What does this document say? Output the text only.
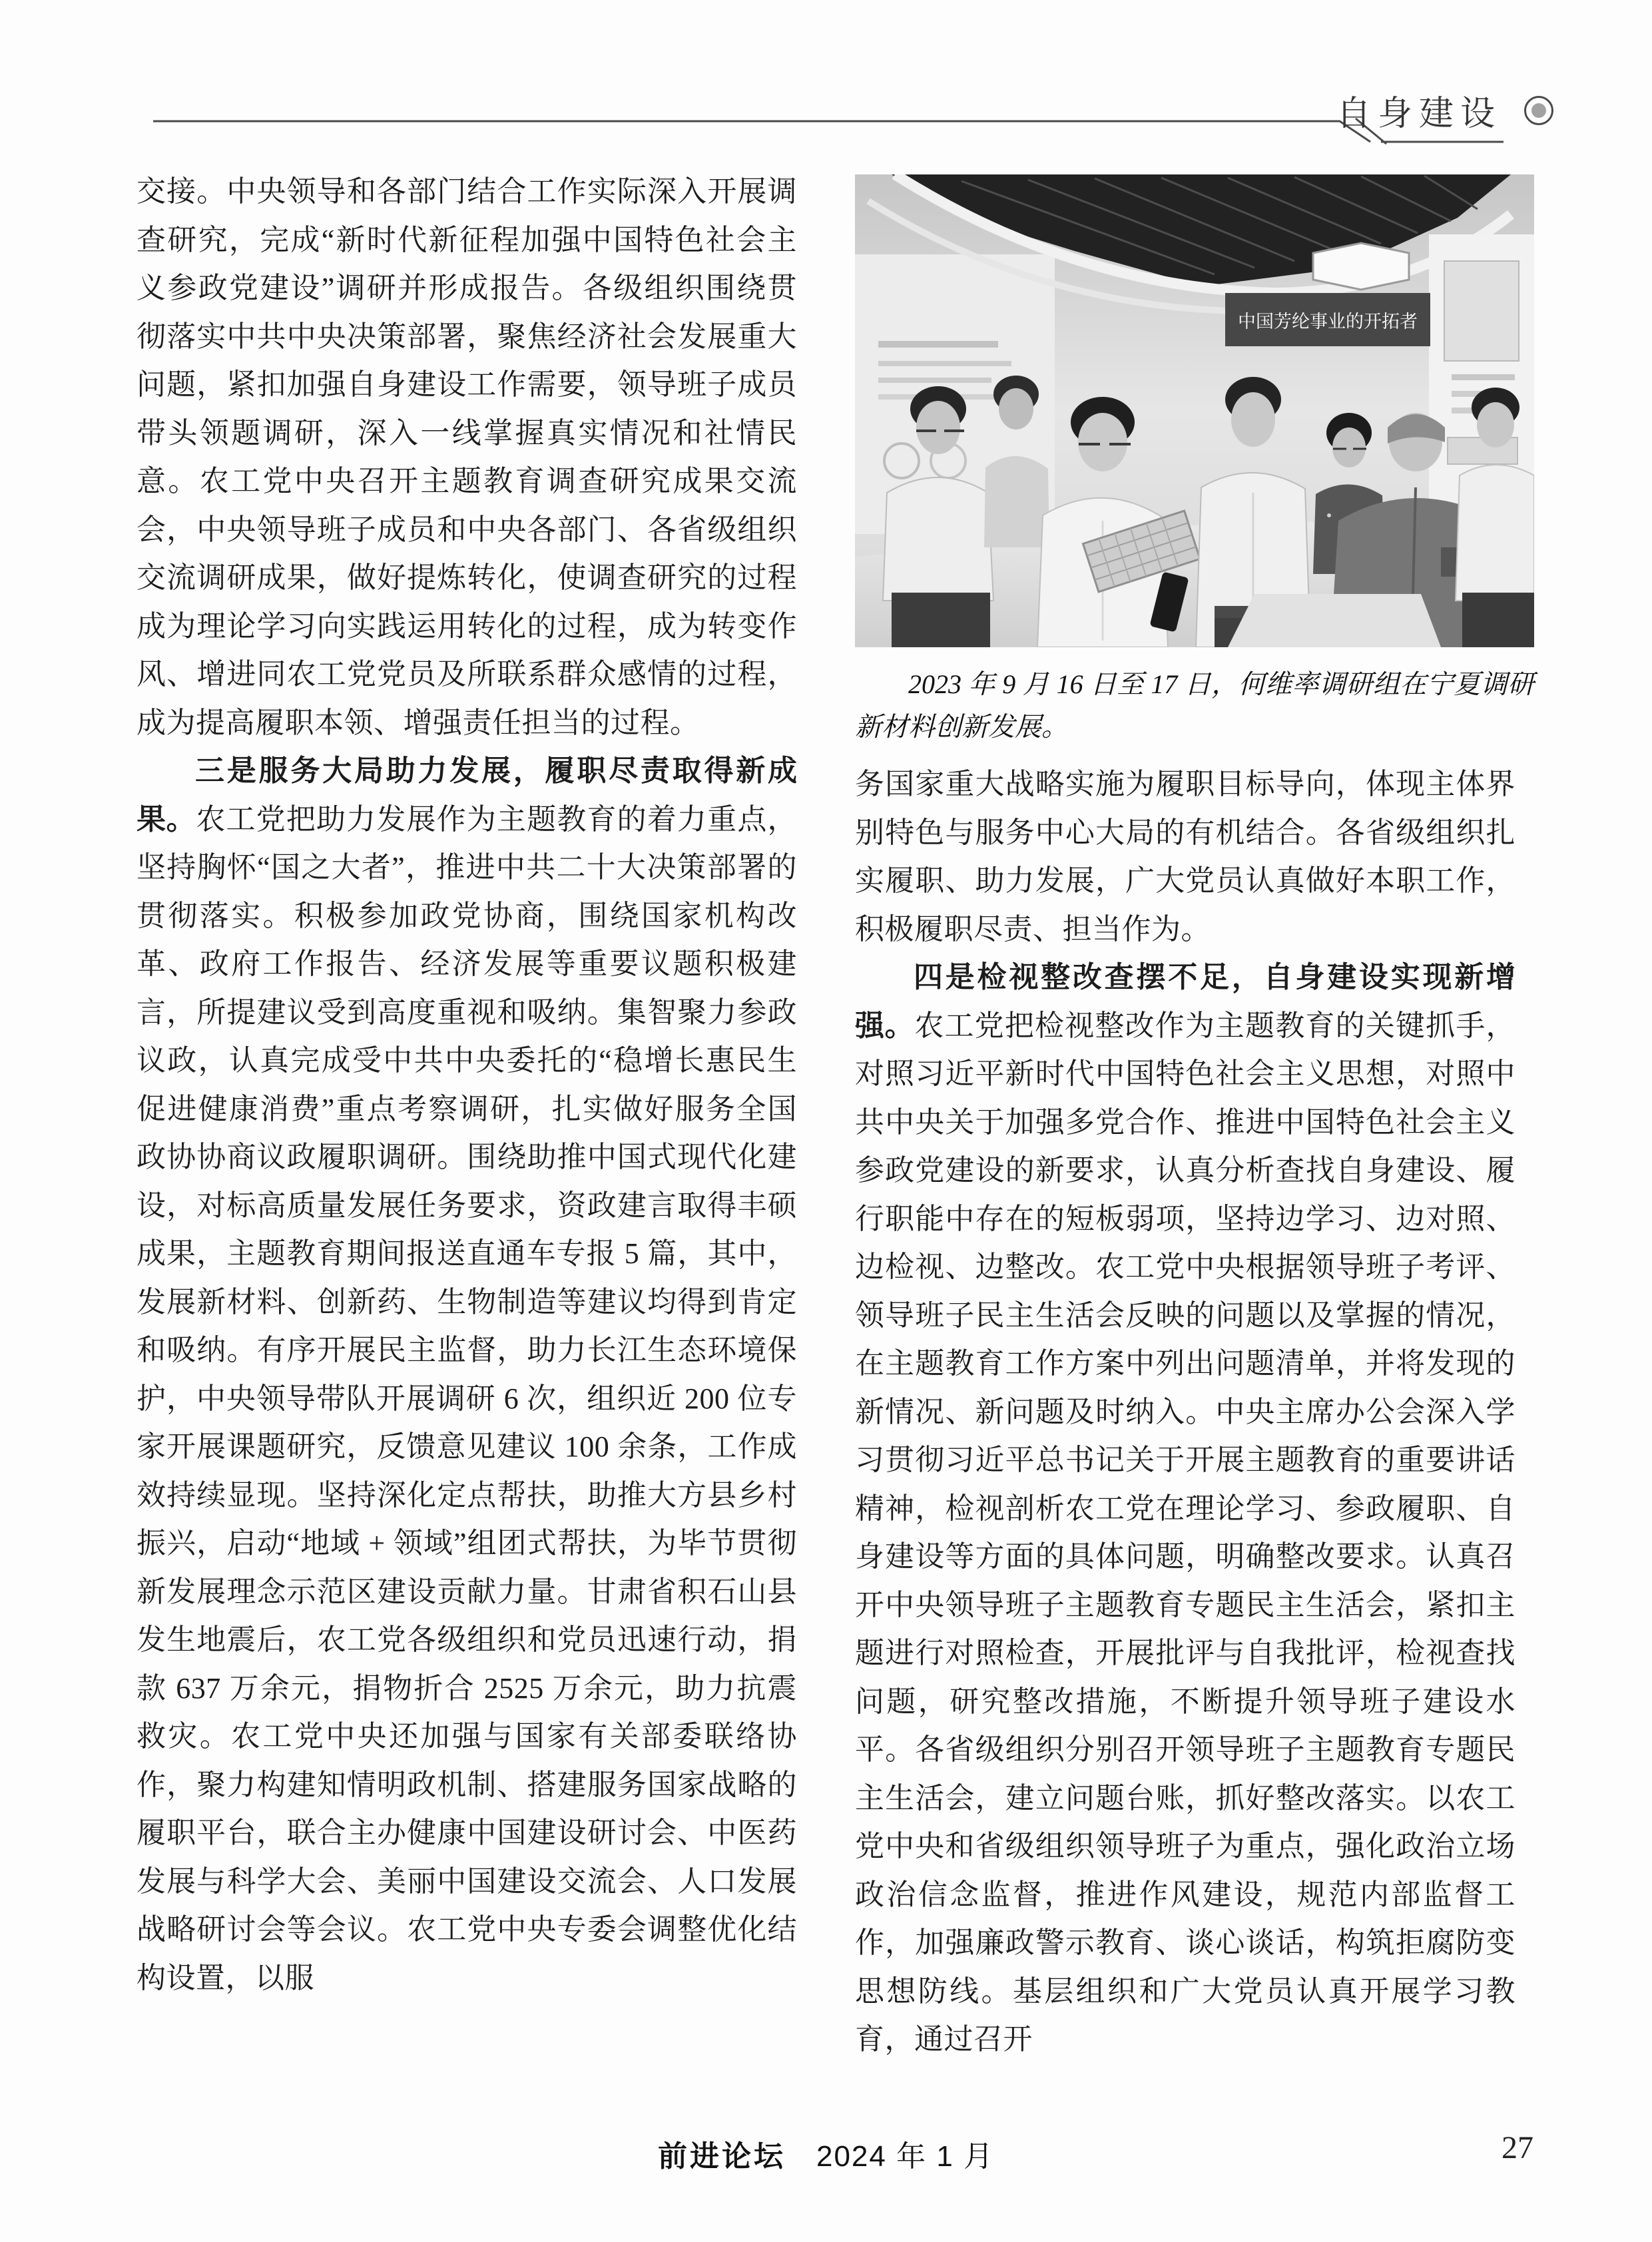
自身建设
中国芳纶事业的开拓者
2023 年 9 月 16 日至 17 日，何维率调研组在宁夏调研新材料创新发展。

交接。中央领导和各部门结合工作实际深入开展调查研究，完成“新时代新征程加强中国特色社会主义参政党建设”调研并形成报告。各级组织围绕贯彻落实中共中央决策部署，聚焦经济社会发展重大问题，紧扣加强自身建设工作需要，领导班子成员带头领题调研，深入一线掌握真实情况和社情民意。农工党中央召开主题教育调查研究成果交流会，中央领导班子成员和中央各部门、各省级组织交流调研成果，做好提炼转化，使调查研究的过程成为理论学习向实践运用转化的过程，成为转变作风、增进同农工党党员及所联系群众感情的过程，成为提高履职本领、增强责任担当的过程。

三是服务大局助力发展，履职尽责取得新成果。农工党把助力发展作为主题教育的着力重点，坚持胸怀“国之大者”，推进中共二十大决策部署的贯彻落实。积极参加政党协商，围绕国家机构改革、政府工作报告、经济发展等重要议题积极建言，所提建议受到高度重视和吸纳。集智聚力参政议政，认真完成受中共中央委托的“稳增长惠民生促进健康消费”重点考察调研，扎实做好服务全国政协协商议政履职调研。围绕助推中国式现代化建设，对标高质量发展任务要求，资政建言取得丰硕成果，主题教育期间报送直通车专报 5 篇，其中，发展新材料、创新药、生物制造等建议均得到肯定和吸纳。有序开展民主监督，助力长江生态环境保护，中央领导带队开展调研 6 次，组织近 200 位专家开展课题研究，反馈意见建议 100 余条，工作成效持续显现。坚持深化定点帮扶，助推大方县乡村振兴，启动“地域 + 领域”组团式帮扶，为毕节贯彻新发展理念示范区建设贡献力量。甘肃省积石山县发生地震后，农工党各级组织和党员迅速行动，捐款 637 万余元，捐物折合 2525 万余元，助力抗震救灾。农工党中央还加强与国家有关部委联络协作，聚力构建知情明政机制、搭建服务国家战略的履职平台，联合主办健康中国建设研讨会、中医药发展与科学大会、美丽中国建设交流会、人口发展战略研讨会等会议。农工党中央专委会调整优化结构设置，以服

务国家重大战略实施为履职目标导向，体现主体界别特色与服务中心大局的有机结合。各省级组织扎实履职、助力发展，广大党员认真做好本职工作，积极履职尽责、担当作为。

四是检视整改查摆不足，自身建设实现新增强。农工党把检视整改作为主题教育的关键抓手，对照习近平新时代中国特色社会主义思想，对照中共中央关于加强多党合作、推进中国特色社会主义参政党建设的新要求，认真分析查找自身建设、履行职能中存在的短板弱项，坚持边学习、边对照、边检视、边整改。农工党中央根据领导班子考评、领导班子民主生活会反映的问题以及掌握的情况，在主题教育工作方案中列出问题清单，并将发现的新情况、新问题及时纳入。中央主席办公会深入学习贯彻习近平总书记关于开展主题教育的重要讲话精神，检视剖析农工党在理论学习、参政履职、自身建设等方面的具体问题，明确整改要求。认真召开中央领导班子主题教育专题民主生活会，紧扣主题进行对照检查，开展批评与自我批评，检视查找问题，研究整改措施，不断提升领导班子建设水平。各省级组织分别召开领导班子主题教育专题民主生活会，建立问题台账，抓好整改落实。以农工党中央和省级组织领导班子为重点，强化政治立场政治信念监督，推进作风建设，规范内部监督工作，加强廉政警示教育、谈心谈话，构筑拒腐防变思想防线。基层组织和广大党员认真开展学习教育，通过召开

前进论坛 2024 年 1 月	27
